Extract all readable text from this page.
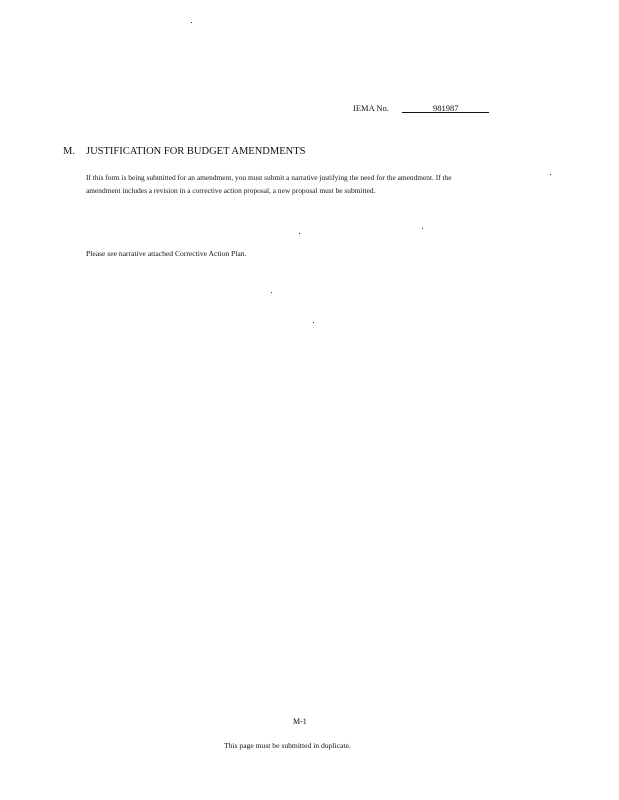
IEMA No.	981987
M. JUSTIFICATION FOR BUDGET AMENDMENTS
If this form is being submitted for an amendment, you must submit a narrative justifying the need for the amendment. If the amendment includes a revision in a corrective action proposal, a new proposal must be submitted.
Please see narrative attached Corrective Action Plan.
M-1
This page must be submitted in duplicate.
